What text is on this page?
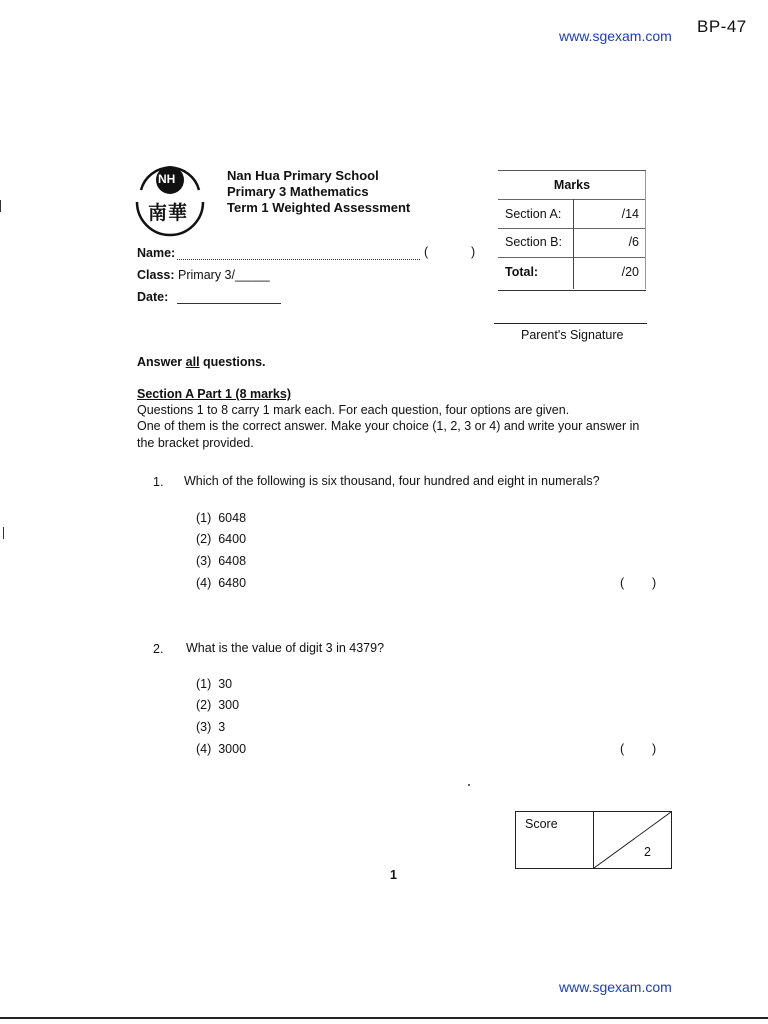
www.sgexam.com BP-47
NH
南華
Nan Hua Primary School
Primary 3 Mathematics
Term 1 Weighted Assessment
Name:	(	)
Class: Primary 3/_____
Date:
Marks
Section A:	/14
Section B:	/6
Total:	/20
Parent's Signature
Answer all questions.
Section A Part 1 (8 marks)
Questions 1 to 8 carry 1 mark each. For each question, four options are given.
One of them is the correct answer. Make your choice (1, 2, 3 or 4) and write your answer in
the bracket provided.
1. Which of the following is six thousand, four hundred and eight in numerals?
(1) 6048
(2) 6400
(3) 6408
(4) 6480	(        )
2. What is the value of digit 3 in 4379?
(1) 30
(2) 300
(3) 3
(4) 3000	(        )
Score
2
1
www.sgexam.com
